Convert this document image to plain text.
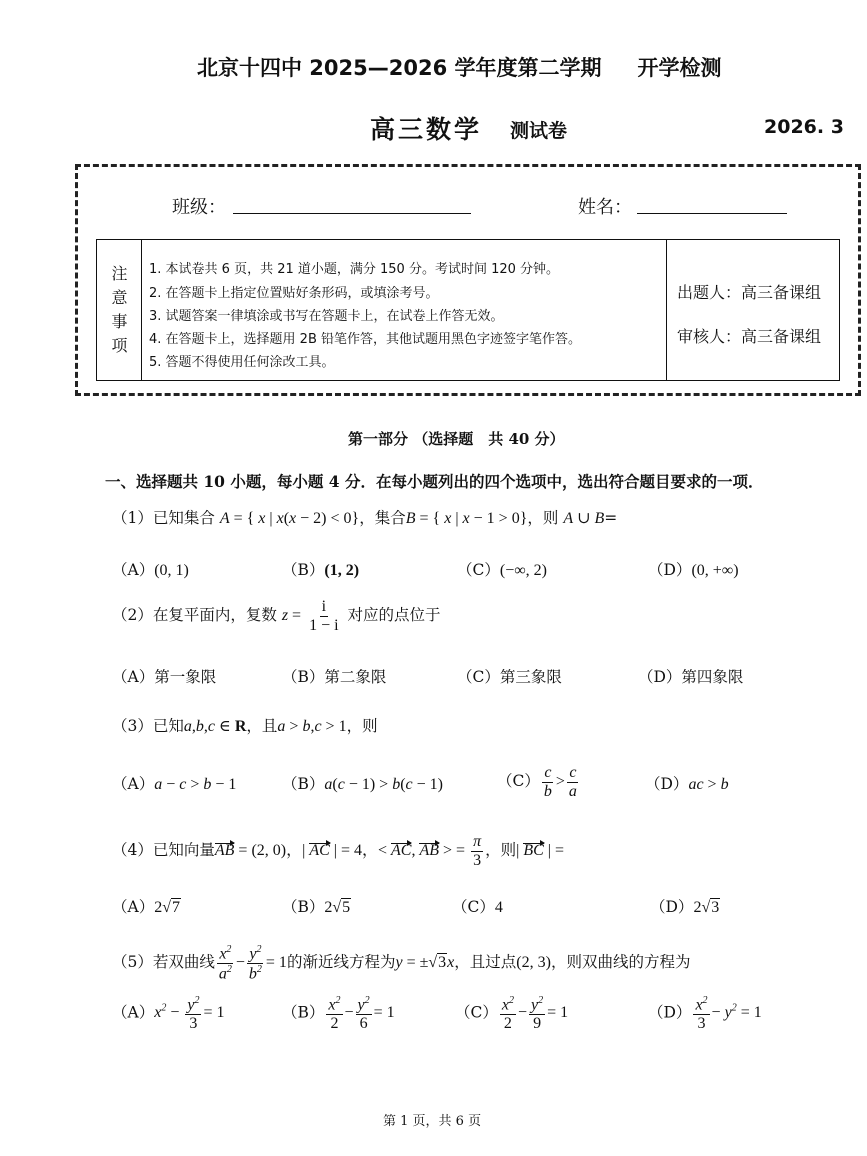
北京十四中 2025—2026 学年度第二学期 开学检测
高三数学 测试卷	2026. 3
班级：	姓名：
注
意
事
项
1. 本试卷共 6 页，共 21 道小题，满分 150 分。考试时间 120 分钟。
2. 在答题卡上指定位置贴好条形码，或填涂考号。
3. 试题答案一律填涂或书写在答题卡上，在试卷上作答无效。
4. 在答题卡上，选择题用 2B 铅笔作答，其他试题用黑色字迹签字笔作答。
5. 答题不得使用任何涂改工具。
出题人：高三备课组
审核人：高三备课组
第一部分 （选择题　共 40 分）
一、选择题共 10 小题，每小题 4 分．在每小题列出的四个选项中，选出符合题目要求的一项．
（1）已知集合 A = { x | x(x − 2) < 0}，集合B = { x | x − 1 > 0}，则 A ∪ B=
（A）(0, 1)	（B）(1, 2)	（C）(−∞, 2)	（D）(0, +∞)
（2）在复平面内，复数 $z = \frac{i}{1 - i}$ 对应的点位于
（A）第一象限	（B）第二象限	（C）第三象限	（D）第四象限
（3）已知a,b,c ∈ R，且a > b,c > 1，则
（A）a − c > b − 1	（B）a(c − 1) > b(c − 1)	$(C) \frac{c}{b} > \frac{c}{a}$	（D）ac > b
（4）已知向量AB = (2, 0)，| AC | = 4，< AC, AB > = $\frac{\pi}{3}$ ，则| BC | =
（A）2√7	（B）2√5	（C）4	（D）2√3
（5）若双曲线 $\frac{x^2}{a^2} - \frac{y^2}{b^2} = 1$的渐近线方程为y = ±√3x，且过点(2, 3)，则双曲线的方程为
$(A)x^2 - \frac{y^2}{3} = 1$	$(B) \frac{x^2}{2} - \frac{y^2}{6} = 1$	$(C) \frac{x^2}{2} - \frac{y^2}{9} = 1$	$(D) \frac{x^2}{3} - y^2 = 1$
第 1 页，共 6 页
